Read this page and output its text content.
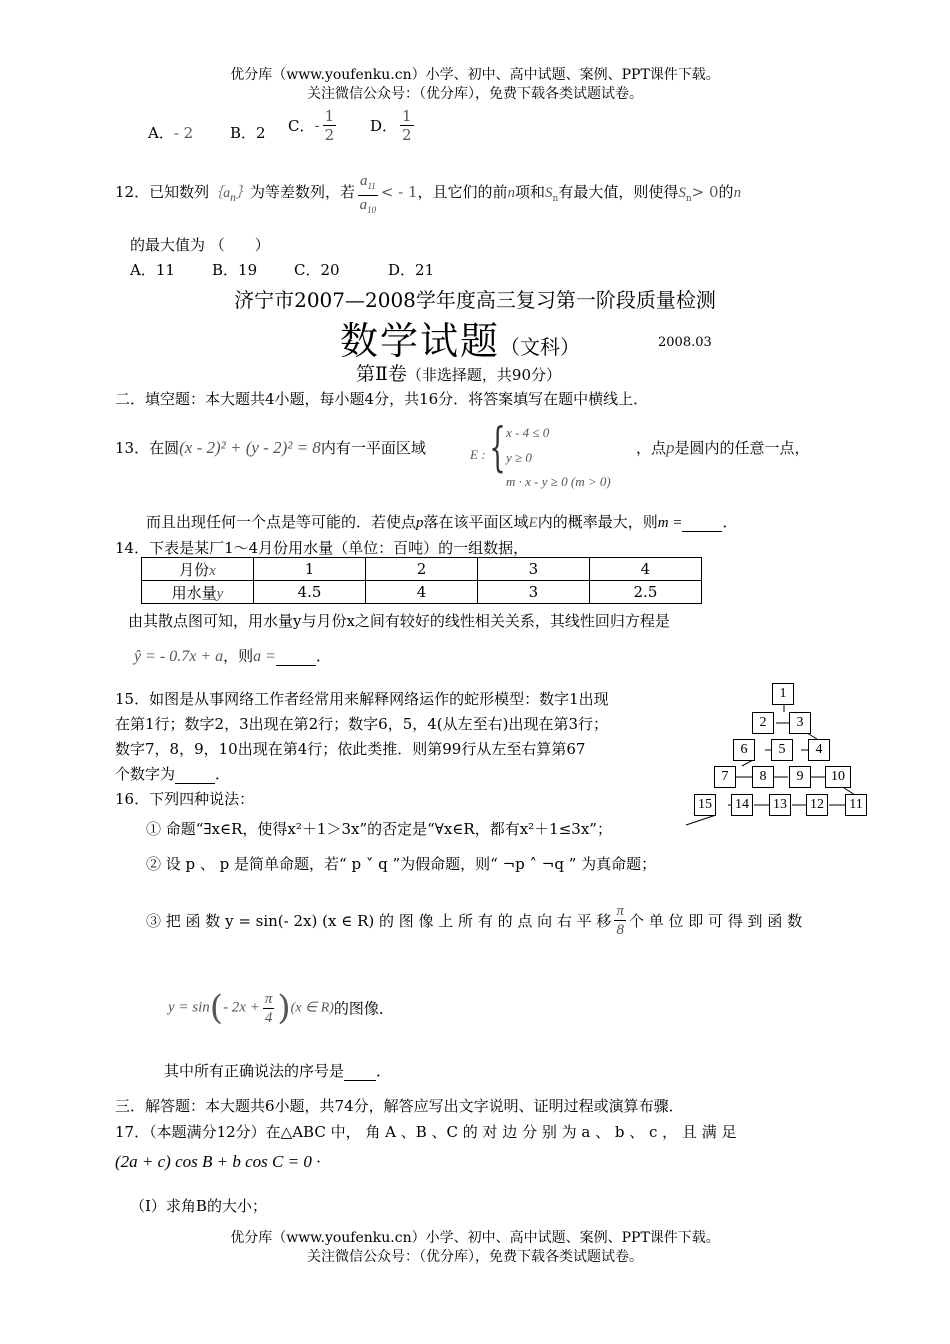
优分库（www.youfenku.cn）小学、初中、高中试题、案例、PPT课件下载。
关注微信公众号：（优分库），免费下载各类试题试卷。
A．- 2 B．2 C．- $\frac{1}{2}$ D． $\frac{1}{2}$
12．已知数列$\{a_n\}$为等差数列，若 $\frac{a_{11}}{a_{10}}$ < - 1，且它们的前n项和$S_n$有最大值，则使得$S_n> 0$的n
的最大值为 （　　）
A．11 B．19 C．20	D．21
济宁市2007—2008学年度高三复习第一阶段质量检测
数学试题（文科）	2008.03
第Ⅱ卷（非选择题，共90分）
二．填空题：本大题共4小题，每小题4分，共16分．将答案填写在题中横线上．
13．在圆(x - 2)² + (y - 2)² = 8内有一平面区域	E : { x - 4 ≤ 0
y ≥ 0
m · x - y ≥ 0 (m > 0)
，点p是圆内的任意一点，
而且出现任何一个点是等可能的．若使点p落在该平面区域E内的概率最大，则m =	．
14．下表是某厂1～4月份用水量（单位：百吨）的一组数据，
月份x	1	2	3	4
用水量y	4.5	4	3	2.5
由其散点图可知，用水量y与月份x之间有较好的线性相关关系，其线性回归方程是
ŷ = - 0.7x + a，则a =	．
15．如图是从事网络工作者经常用来解释网络运作的蛇形模型：数字1出现
在第1行；数字2，3出现在第2行；数字6，5，4(从左至右)出现在第3行；
数字7，8，9，10出现在第4行；依此类推．则第99行从左至右算第67
个数字为	．
1
2	3
6	5	4
7	8	9	10
15 14 13 12	11
16．下列四种说法：
① 命题“∃x∈R，使得x²＋1＞3x”的否定是“∀x∈R，都有x²＋1≤3x”；
② 设 p 、 p 是简单命题，若“ p ˅ q ”为假命题，则“ ¬p ˄ ¬q ” 为真命题；
③ 把 函 数 y = sin(- 2x) (x ∈ R) 的 图 像 上 所 有 的 点 向 右 平 移 $\frac{\pi}{8}$ 个 单 位 即 可 得 到 函 数
y = sin(- $2x + \frac{\pi}{4} )(x$ ∈ R)的图像．
其中所有正确说法的序号是 ．
三．解答题：本大题共6小题，共74分，解答应写出文字说明、证明过程或演算布骤．
17．（本题满分12分）在△ABC 中， 角 A 、B 、C 的 对 边 分 别 为 a 、 b 、 c ， 且 满 足
(2a + c) cos B + b cos C = 0 ·
（Ⅰ）求角B的大小；
优分库（www.youfenku.cn）小学、初中、高中试题、案例、PPT课件下载。
关注微信公众号：（优分库），免费下载各类试题试卷。
